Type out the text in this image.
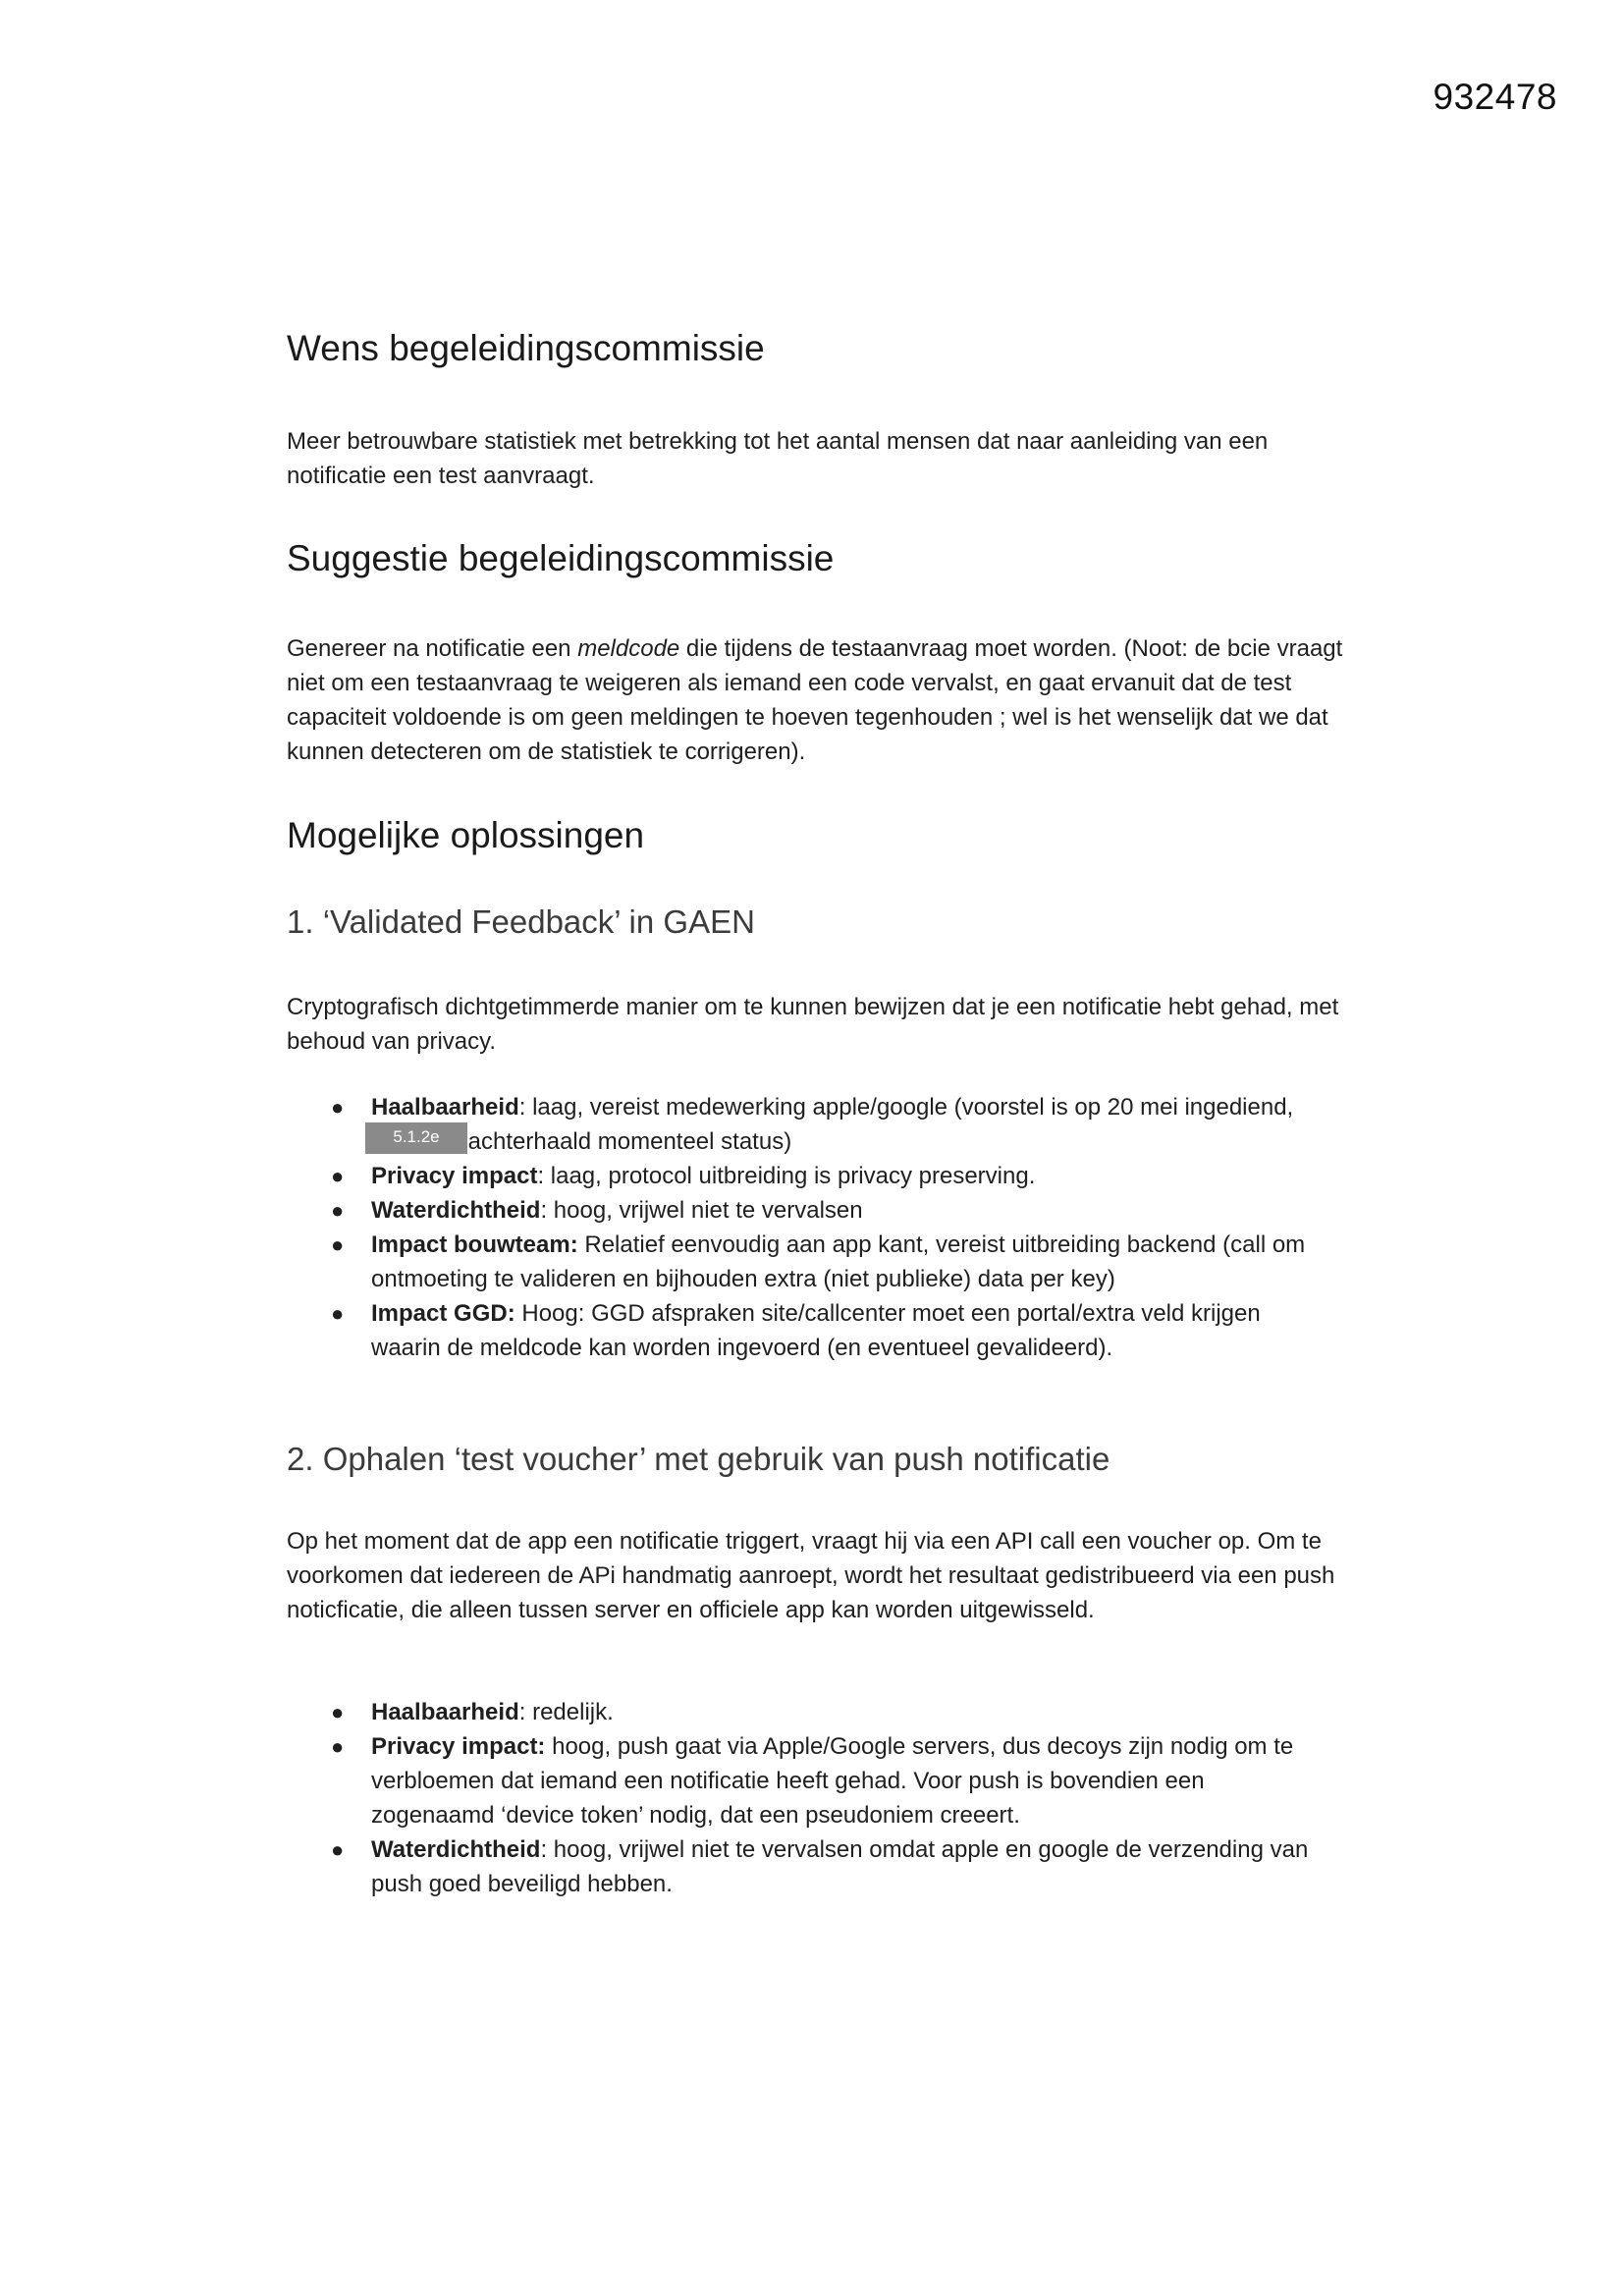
932478
Wens begeleidingscommissie

Meer betrouwbare statistiek met betrekking tot het aantal mensen dat naar aanleiding van een notificatie een test aanvraagt.

Suggestie begeleidingscommissie

Genereer na notificatie een meldcode die tijdens de testaanvraag moet worden. (Noot: de bcie vraagt niet om een testaanvraag te weigeren als iemand een code vervalst, en gaat ervanuit dat de test capaciteit voldoende is om geen meldingen te hoeven tegenhouden ; wel is het wenselijk dat we dat kunnen detecteren om de statistiek te corrigeren).

Mogelijke oplossingen
1. ‘Validated Feedback’ in GAEN

Cryptografisch dichtgetimmerde manier om te kunnen bewijzen dat je een notificatie hebt gehad, met behoud van privacy.

● Haalbaarheid: laag, vereist medewerking apple/google (voorstel is op 20 mei ingediend, 5.1.2e achterhaald momenteel status)
● Privacy impact: laag, protocol uitbreiding is privacy preserving.
● Waterdichtheid: hoog, vrijwel niet te vervalsen
● Impact bouwteam: Relatief eenvoudig aan app kant, vereist uitbreiding backend (call om ontmoeting te valideren en bijhouden extra (niet publieke) data per key)
● Impact GGD: Hoog: GGD afspraken site/callcenter moet een portal/extra veld krijgen waarin de meldcode kan worden ingevoerd (en eventueel gevalideerd).
2. Ophalen ‘test voucher’ met gebruik van push notificatie

Op het moment dat de app een notificatie triggert, vraagt hij via een API call een voucher op. Om te voorkomen dat iedereen de APi handmatig aanroept, wordt het resultaat gedistribueerd via een push noticficatie, die alleen tussen server en officiele app kan worden uitgewisseld.

● Haalbaarheid: redelijk.
● Privacy impact: hoog, push gaat via Apple/Google servers, dus decoys zijn nodig om te verbloemen dat iemand een notificatie heeft gehad. Voor push is bovendien een zogenaamd ‘device token’ nodig, dat een pseudoniem creeert.
● Waterdichtheid: hoog, vrijwel niet te vervalsen omdat apple en google de verzending van push goed beveiligd hebben.
